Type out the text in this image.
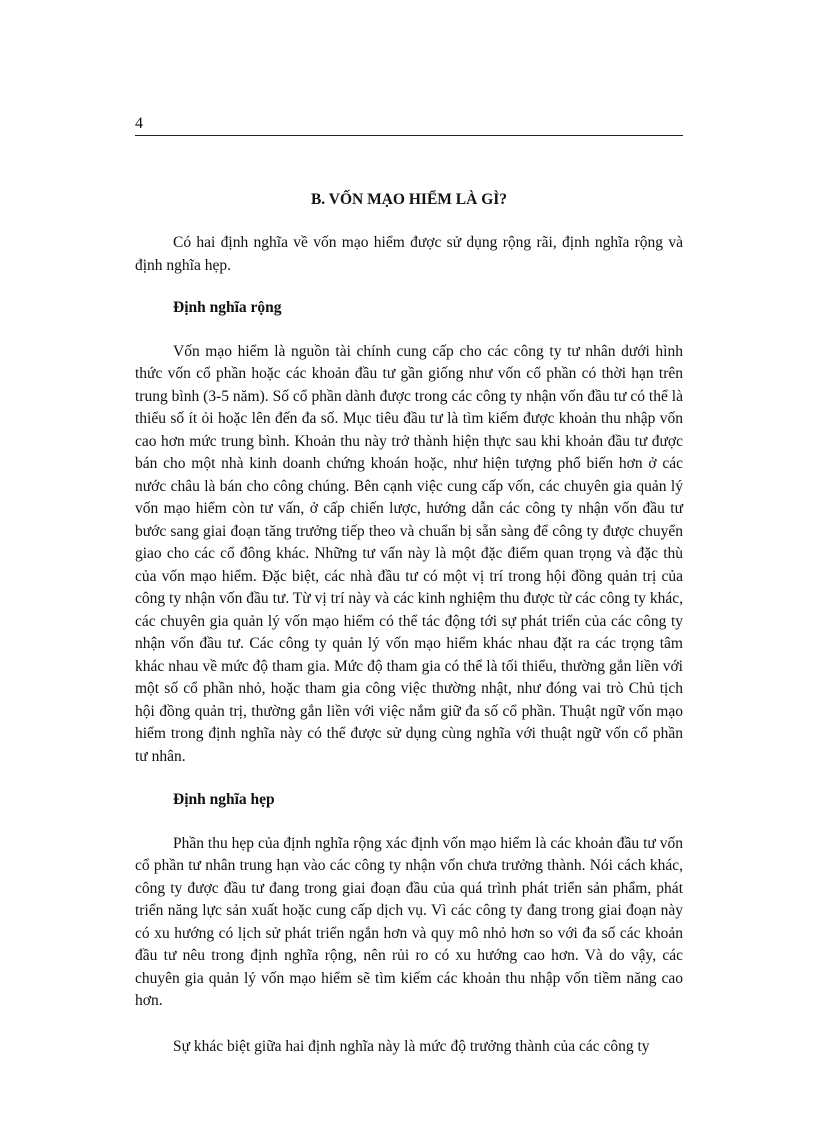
4
B. VỐN MẠO HIỂM LÀ GÌ?

Có hai định nghĩa về vốn mạo hiểm được sử dụng rộng rãi, định nghĩa rộng và định nghĩa hẹp.

Định nghĩa rộng

Vốn mạo hiểm là nguồn tài chính cung cấp cho các công ty tư nhân dưới hình thức vốn cổ phần hoặc các khoản đầu tư gần giống như vốn cổ phần có thời hạn trên trung bình (3-5 năm). Số cổ phần dành được trong các công ty nhận vốn đầu tư có thể là thiểu số ít ỏi hoặc lên đến đa số. Mục tiêu đầu tư là tìm kiếm được khoản thu nhập vốn cao hơn mức trung bình. Khoản thu này trở thành hiện thực sau khi khoản đầu tư được bán cho một nhà kinh doanh chứng khoán hoặc, như hiện tượng phổ biến hơn ở các nước châu là bán cho công chúng. Bên cạnh việc cung cấp vốn, các chuyên gia quản lý vốn mạo hiểm còn tư vấn, ở cấp chiến lược, hướng dẫn các công ty nhận vốn đầu tư bước sang giai đoạn tăng trưởng tiếp theo và chuẩn bị sẵn sàng để công ty được chuyển giao cho các cổ đông khác. Những tư vấn này là một đặc điểm quan trọng và đặc thù của vốn mạo hiểm. Đặc biệt, các nhà đầu tư có một vị trí trong hội đồng quản trị của công ty nhận vốn đầu tư. Từ vị trí này và các kinh nghiệm thu được từ các công ty khác, các chuyên gia quản lý vốn mạo hiểm có thể tác động tới sự phát triển của các công ty nhận vốn đầu tư. Các công ty quản lý vốn mạo hiểm khác nhau đặt ra các trọng tâm khác nhau về mức độ tham gia. Mức độ tham gia có thể là tối thiểu, thường gắn liền với một số cổ phần nhỏ, hoặc tham gia công việc thường nhật, như đóng vai trò Chủ tịch hội đồng quản trị, thường gắn liền với việc nắm giữ đa số cổ phần. Thuật ngữ vốn mạo hiểm trong định nghĩa này có thể được sử dụng cùng nghĩa với thuật ngữ vốn cổ phần tư nhân.

Định nghĩa hẹp

Phần thu hẹp của định nghĩa rộng xác định vốn mạo hiểm là các khoản đầu tư vốn cổ phần tư nhân trung hạn vào các công ty nhận vốn chưa trưởng thành. Nói cách khác, công ty được đầu tư đang trong giai đoạn đầu của quá trình phát triển sản phẩm, phát triển năng lực sản xuất hoặc cung cấp dịch vụ. Vì các công ty đang trong giai đoạn này có xu hướng có lịch sử phát triển ngắn hơn và quy mô nhỏ hơn so với đa số các khoản đầu tư nêu trong định nghĩa rộng, nên rủi ro có xu hướng cao hơn. Và do vậy, các chuyên gia quản lý vốn mạo hiểm sẽ tìm kiếm các khoản thu nhập vốn tiềm năng cao hơn.

Sự khác biệt giữa hai định nghĩa này là mức độ trưởng thành của các công ty
